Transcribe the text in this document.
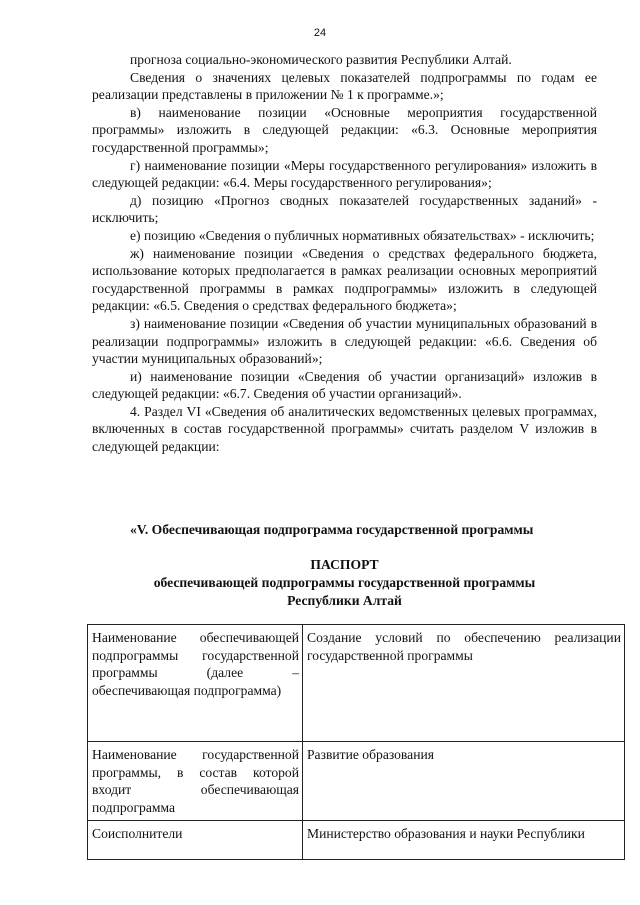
24

прогноза социально-экономического развития Республики Алтай.

Сведения о значениях целевых показателей подпрограммы по годам ее реализации представлены в приложении № 1 к программе.»;

в) наименование позиции «Основные мероприятия государственной программы» изложить в следующей редакции: «6.3. Основные мероприятия государственной программы»;

г) наименование позиции «Меры государственного регулирования» изложить в следующей редакции: «6.4. Меры государственного регулирования»;

д) позицию «Прогноз сводных показателей государственных заданий» - исключить;

е) позицию «Сведения о публичных нормативных обязательствах» - исключить;

ж) наименование позиции «Сведения о средствах федерального бюджета, использование которых предполагается в рамках реализации основных мероприятий государственной программы в рамках подпрограммы» изложить в следующей редакции: «6.5. Сведения о средствах федерального бюджета»;

з) наименование позиции «Сведения об участии муниципальных образований в реализации подпрограммы» изложить в следующей редакции: «6.6. Сведения об участии муниципальных образований»;

и) наименование позиции «Сведения об участии организаций» изложив в следующей редакции: «6.7. Сведения об участии организаций».

4. Раздел VI «Сведения об аналитических ведомственных целевых программах, включенных в состав государственной программы» считать разделом V изложив в следующей редакции:

«V. Обеспечивающая подпрограмма государственной программы
ПАСПОРТ
обеспечивающей подпрограммы государственной программы
Республики Алтай
Наименование обеспечивающей подпрограммы государственной программы (далее – обеспечивающая подпрограмма)	Создание условий по обеспечению реализации государственной программы
Наименование государственной программы, в состав которой входит обеспечивающая подпрограмма	Развитие образования
Соисполнители	Министерство образования и науки Республики
